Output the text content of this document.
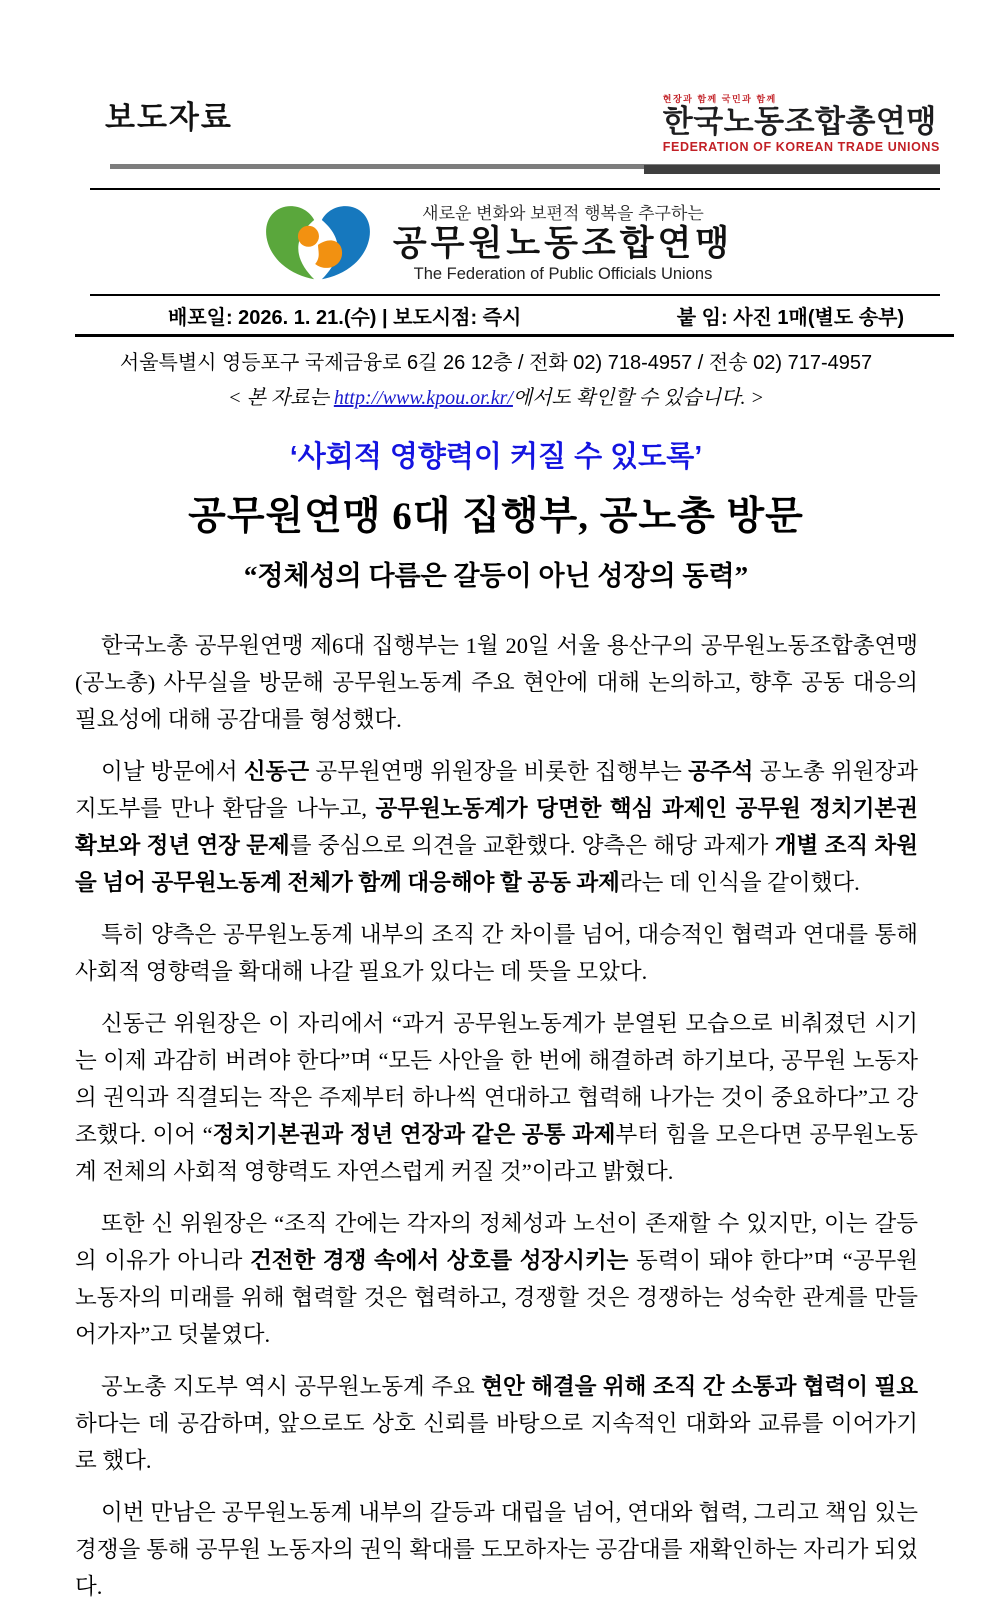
보도자료
현장과 함께 국민과 함께
한국노동조합총연맹
FEDERATION OF KOREAN TRADE UNIONS
새로운 변화와 보편적 행복을 추구하는
공무원노동조합연맹
The Federation of Public Officials Unions
배포일: 2026. 1. 21.(수) | 보도시점: 즉시	붙 임: 사진 1매(별도 송부)
서울특별시 영등포구 국제금융로 6길 26 12층 / 전화 02) 718-4957 / 전송 02) 717-4957
< 본 자료는 http://www.kpou.or.kr/에서도 확인할 수 있습니다. >
‘사회적 영향력이 커질 수 있도록’
공무원연맹 6대 집행부, 공노총 방문
“정체성의 다름은 갈등이 아닌 성장의 동력”

한국노총 공무원연맹 제6대 집행부는 1월 20일 서울 용산구의 공무원노동조합총연맹(공노총) 사무실을 방문해 공무원노동계 주요 현안에 대해 논의하고, 향후 공동 대응의 필요성에 대해 공감대를 형성했다.

이날 방문에서 신동근 공무원연맹 위원장을 비롯한 집행부는 공주석 공노총 위원장과 지도부를 만나 환담을 나누고, 공무원노동계가 당면한 핵심 과제인 공무원 정치기본권 확보와 정년 연장 문제를 중심으로 의견을 교환했다. 양측은 해당 과제가 개별 조직 차원을 넘어 공무원노동계 전체가 함께 대응해야 할 공동 과제라는 데 인식을 같이했다.

특히 양측은 공무원노동계 내부의 조직 간 차이를 넘어, 대승적인 협력과 연대를 통해 사회적 영향력을 확대해 나갈 필요가 있다는 데 뜻을 모았다.

신동근 위원장은 이 자리에서 “과거 공무원노동계가 분열된 모습으로 비춰졌던 시기는 이제 과감히 버려야 한다”며 “모든 사안을 한 번에 해결하려 하기보다, 공무원 노동자의 권익과 직결되는 작은 주제부터 하나씩 연대하고 협력해 나가는 것이 중요하다”고 강조했다. 이어 “정치기본권과 정년 연장과 같은 공통 과제부터 힘을 모은다면 공무원노동계 전체의 사회적 영향력도 자연스럽게 커질 것”이라고 밝혔다.

또한 신 위원장은 “조직 간에는 각자의 정체성과 노선이 존재할 수 있지만, 이는 갈등의 이유가 아니라 건전한 경쟁 속에서 상호를 성장시키는 동력이 돼야 한다”며 “공무원 노동자의 미래를 위해 협력할 것은 협력하고, 경쟁할 것은 경쟁하는 성숙한 관계를 만들어가자”고 덧붙였다.

공노총 지도부 역시 공무원노동계 주요 현안 해결을 위해 조직 간 소통과 협력이 필요하다는 데 공감하며, 앞으로도 상호 신뢰를 바탕으로 지속적인 대화와 교류를 이어가기로 했다.

이번 만남은 공무원노동계 내부의 갈등과 대립을 넘어, 연대와 협력, 그리고 책임 있는 경쟁을 통해 공무원 노동자의 권익 확대를 도모하자는 공감대를 재확인하는 자리가 되었다.
